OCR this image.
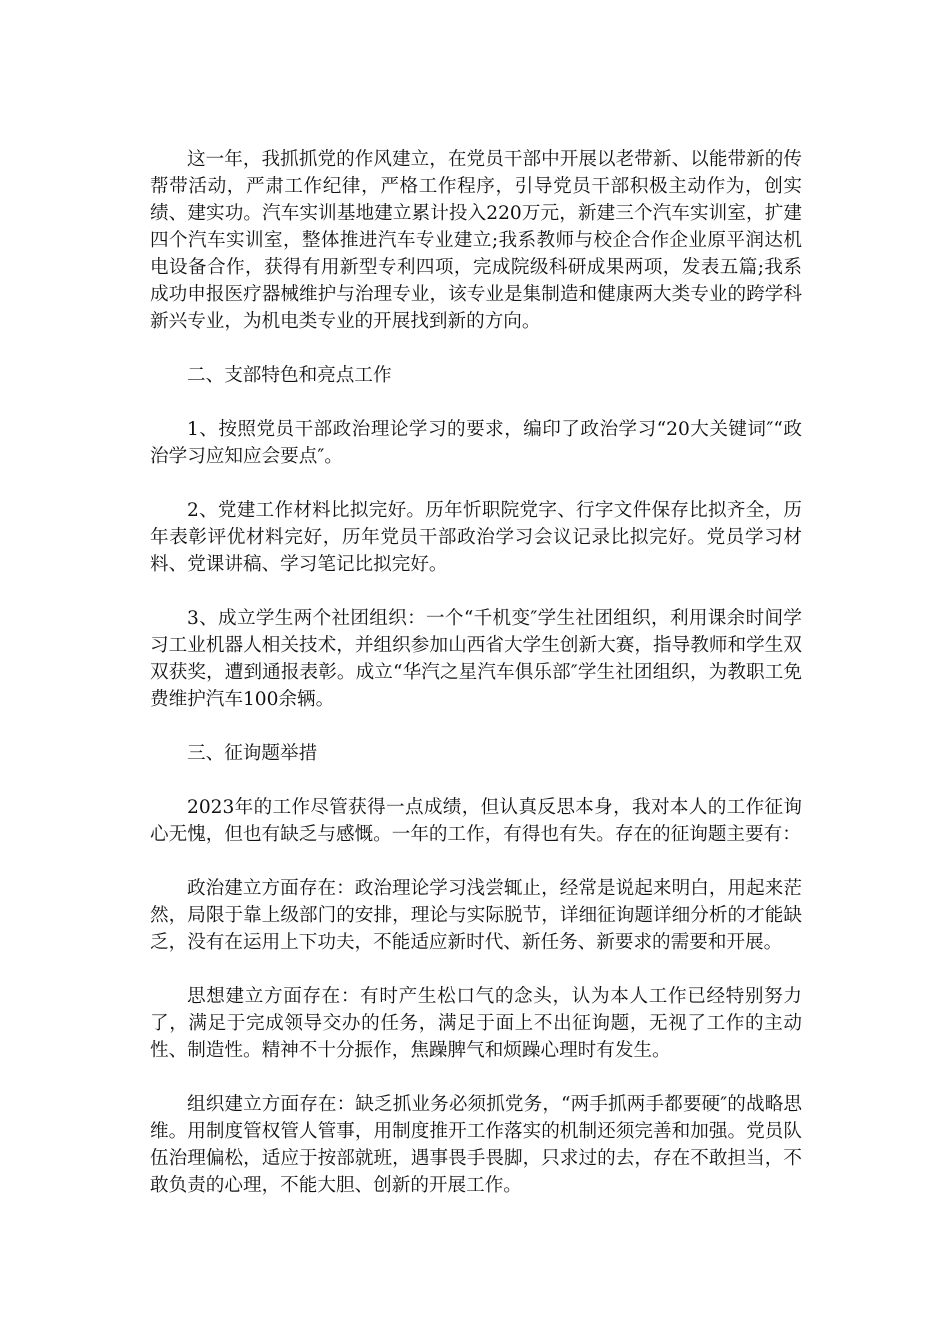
这一年，我抓抓党的作风建立，在党员干部中开展以老带新、以能带新的传帮带活动，严肃工作纪律，严格工作程序，引导党员干部积极主动作为，创实绩、建实功。汽车实训基地建立累计投入220万元，新建三个汽车实训室，扩建四个汽车实训室，整体推进汽车专业建立;我系教师与校企合作企业原平润达机电设备合作，获得有用新型专利四项，完成院级科研成果两项，发表五篇;我系成功申报医疗器械维护与治理专业，该专业是集制造和健康两大类专业的跨学科新兴专业，为机电类专业的开展找到新的方向。

二、支部特色和亮点工作

1、按照党员干部政治理论学习的要求，编印了政治学习“20大关键词″“政治学习应知应会要点″。

2、党建工作材料比拟完好。历年忻职院党字、行字文件保存比拟齐全，历年表彰评优材料完好，历年党员干部政治学习会议记录比拟完好。党员学习材料、党课讲稿、学习笔记比拟完好。

3、成立学生两个社团组织：一个“千机变″学生社团组织，利用课余时间学习工业机器人相关技术，并组织参加山西省大学生创新大赛，指导教师和学生双双获奖，遭到通报表彰。成立“华汽之星汽车俱乐部″学生社团组织，为教职工免费维护汽车100余辆。

三、征询题举措

2023年的工作尽管获得一点成绩，但认真反思本身，我对本人的工作征询心无愧，但也有缺乏与感慨。一年的工作，有得也有失。存在的征询题主要有：

政治建立方面存在：政治理论学习浅尝辄止，经常是说起来明白，用起来茫然，局限于靠上级部门的安排，理论与实际脱节，详细征询题详细分析的才能缺乏，没有在运用上下功夫，不能适应新时代、新任务、新要求的需要和开展。

思想建立方面存在：有时产生松口气的念头，认为本人工作已经特别努力了，满足于完成领导交办的任务，满足于面上不出征询题，无视了工作的主动性、制造性。精神不十分振作，焦躁脾气和烦躁心理时有发生。

组织建立方面存在：缺乏抓业务必须抓党务，“两手抓两手都要硬″的战略思维。用制度管权管人管事，用制度推开工作落实的机制还须完善和加强。党员队伍治理偏松，适应于按部就班，遇事畏手畏脚，只求过的去，存在不敢担当，不敢负责的心理，不能大胆、创新的开展工作。
